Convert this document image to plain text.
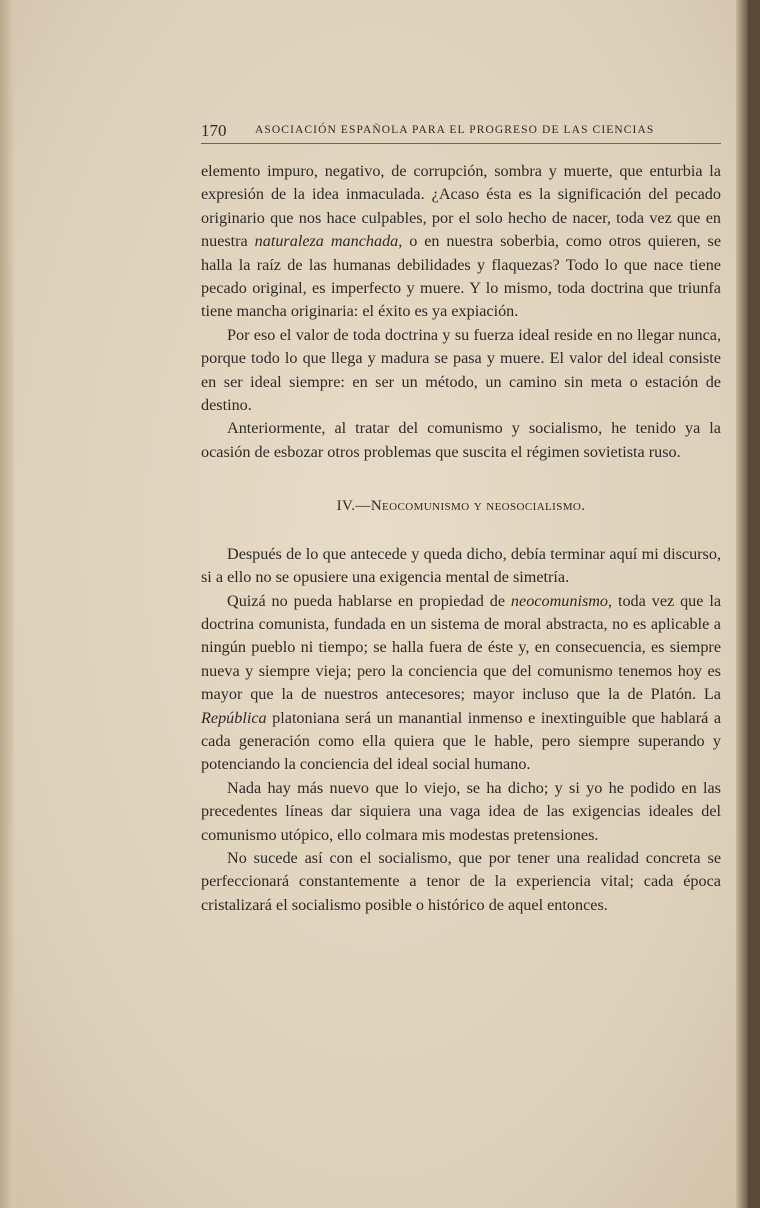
170 ASOCIACIÓN ESPAÑOLA PARA EL PROGRESO DE LAS CIENCIAS

elemento impuro, negativo, de corrupción, sombra y muerte, que enturbia la expresión de la idea inmaculada. ¿Acaso ésta es la significación del pecado originario que nos hace culpables, por el solo hecho de nacer, toda vez que en nuestra naturaleza manchada, o en nuestra soberbia, como otros quieren, se halla la raíz de las humanas debilidades y flaquezas? Todo lo que nace tiene pecado original, es imperfecto y muere. Y lo mismo, toda doctrina que triunfa tiene mancha originaria: el éxito es ya expiación.

Por eso el valor de toda doctrina y su fuerza ideal reside en no llegar nunca, porque todo lo que llega y madura se pasa y muere. El valor del ideal consiste en ser ideal siempre: en ser un método, un camino sin meta o estación de destino.

Anteriormente, al tratar del comunismo y socialismo, he tenido ya la ocasión de esbozar otros problemas que suscita el régimen sovietista ruso.

IV.—Neocomunismo y neosocialismo.

Después de lo que antecede y queda dicho, debía terminar aquí mi discurso, si a ello no se opusiere una exigencia mental de simetría.

Quizá no pueda hablarse en propiedad de neocomunismo, toda vez que la doctrina comunista, fundada en un sistema de moral abstracta, no es aplicable a ningún pueblo ni tiempo; se halla fuera de éste y, en consecuencia, es siempre nueva y siempre vieja; pero la conciencia que del comunismo tenemos hoy es mayor que la de nuestros antecesores; mayor incluso que la de Platón. La República platoniana será un manantial inmenso e inextinguible que hablará a cada generación como ella quiera que le hable, pero siempre superando y potenciando la conciencia del ideal social humano.

Nada hay más nuevo que lo viejo, se ha dicho; y si yo he podido en las precedentes líneas dar siquiera una vaga idea de las exigencias ideales del comunismo utópico, ello colmara mis modestas pretensiones.

No sucede así con el socialismo, que por tener una realidad concreta se perfeccionará constantemente a tenor de la experiencia vital; cada época cristalizará el socialismo posible o histórico de aquel entonces.
